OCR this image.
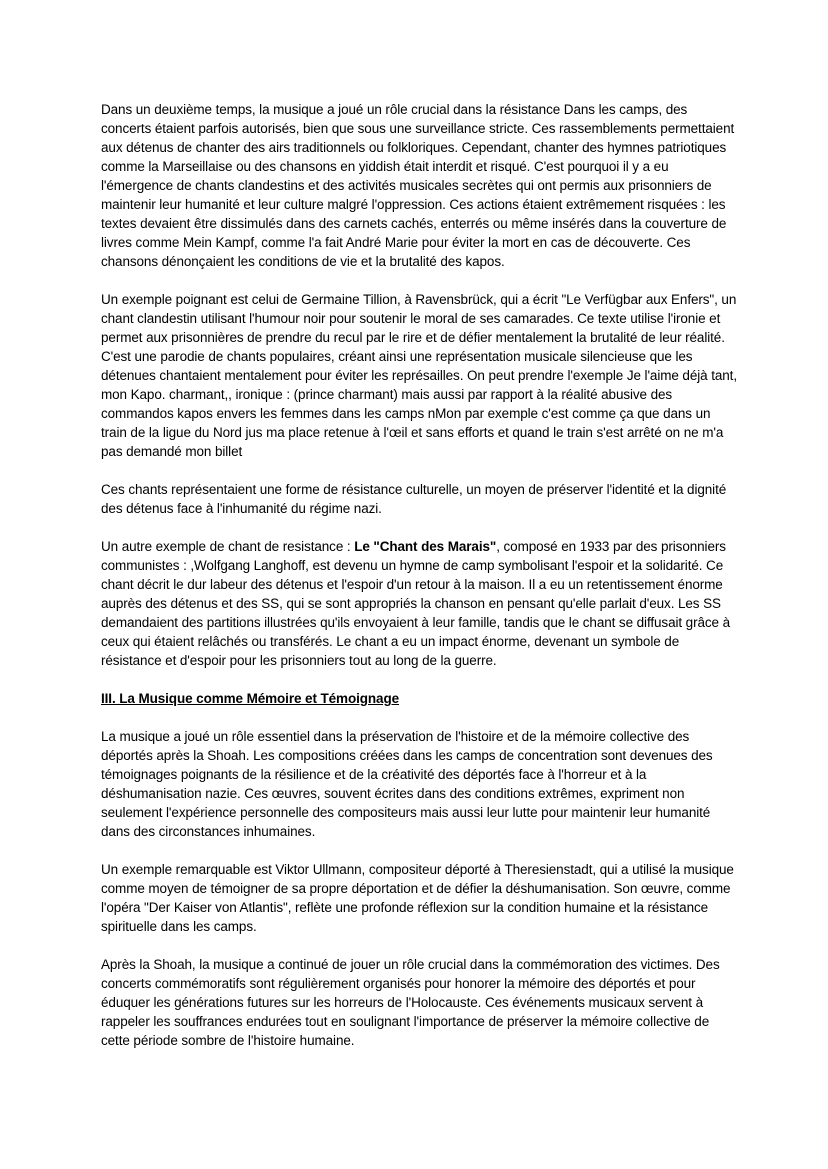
Dans un deuxième temps, la musique a joué un rôle crucial dans la résistance Dans les camps, des concerts étaient parfois autorisés, bien que sous une surveillance stricte. Ces rassemblements permettaient aux détenus de chanter des airs traditionnels ou folkloriques. Cependant, chanter des hymnes patriotiques comme la Marseillaise ou des chansons en yiddish était interdit et risqué. C'est pourquoi il y a eu l'émergence de chants clandestins et des activités musicales secrètes qui ont permis aux prisonniers de maintenir leur humanité et leur culture malgré l'oppression. Ces actions étaient extrêmement risquées : les textes devaient être dissimulés dans des carnets cachés, enterrés ou même insérés dans la couverture de livres comme Mein Kampf, comme l'a fait André Marie pour éviter la mort en cas de découverte. Ces chansons dénonçaient les conditions de vie et la brutalité des kapos.

Un exemple poignant est celui de Germaine Tillion, à Ravensbrück, qui a écrit "Le Verfügbar aux Enfers", un chant clandestin utilisant l'humour noir pour soutenir le moral de ses camarades. Ce texte utilise l'ironie et permet aux prisonnières de prendre du recul par le rire et de défier mentalement la brutalité de leur réalité. C'est une parodie de chants populaires, créant ainsi une représentation musicale silencieuse que les détenues chantaient mentalement pour éviter les représailles. On peut prendre l'exemple Je l'aime déjà tant, mon Kapo. charmant,, ironique : (prince charmant) mais aussi par rapport à la réalité abusive des commandos kapos envers les femmes dans les camps nMon par exemple c'est comme ça que dans un train de la ligue du Nord jus ma place retenue à l'œil et sans efforts et quand le train s'est arrêté on ne m'a pas demandé mon billet

Ces chants représentaient une forme de résistance culturelle, un moyen de préserver l'identité et la dignité des détenus face à l'inhumanité du régime nazi.

Un autre exemple de chant de resistance : Le "Chant des Marais", composé en 1933 par des prisonniers communistes : ,Wolfgang Langhoff, est devenu un hymne de camp symbolisant l'espoir et la solidarité. Ce chant décrit le dur labeur des détenus et l'espoir d'un retour à la maison. Il a eu un retentissement énorme auprès des détenus et des SS, qui se sont appropriés la chanson en pensant qu'elle parlait d'eux. Les SS demandaient des partitions illustrées qu'ils envoyaient à leur famille, tandis que le chant se diffusait grâce à ceux qui étaient relâchés ou transférés. Le chant a eu un impact énorme, devenant un symbole de résistance et d'espoir pour les prisonniers tout au long de la guerre.

III. La Musique comme Mémoire et Témoignage

La musique a joué un rôle essentiel dans la préservation de l'histoire et de la mémoire collective des déportés après la Shoah. Les compositions créées dans les camps de concentration sont devenues des témoignages poignants de la résilience et de la créativité des déportés face à l'horreur et à la déshumanisation nazie. Ces œuvres, souvent écrites dans des conditions extrêmes, expriment non seulement l'expérience personnelle des compositeurs mais aussi leur lutte pour maintenir leur humanité dans des circonstances inhumaines.

Un exemple remarquable est Viktor Ullmann, compositeur déporté à Theresienstadt, qui a utilisé la musique comme moyen de témoigner de sa propre déportation et de défier la déshumanisation. Son œuvre, comme l'opéra "Der Kaiser von Atlantis", reflète une profonde réflexion sur la condition humaine et la résistance spirituelle dans les camps.

Après la Shoah, la musique a continué de jouer un rôle crucial dans la commémoration des victimes. Des concerts commémoratifs sont régulièrement organisés pour honorer la mémoire des déportés et pour éduquer les générations futures sur les horreurs de l'Holocauste. Ces événements musicaux servent à rappeler les souffrances endurées tout en soulignant l'importance de préserver la mémoire collective de cette période sombre de l'histoire humaine.
